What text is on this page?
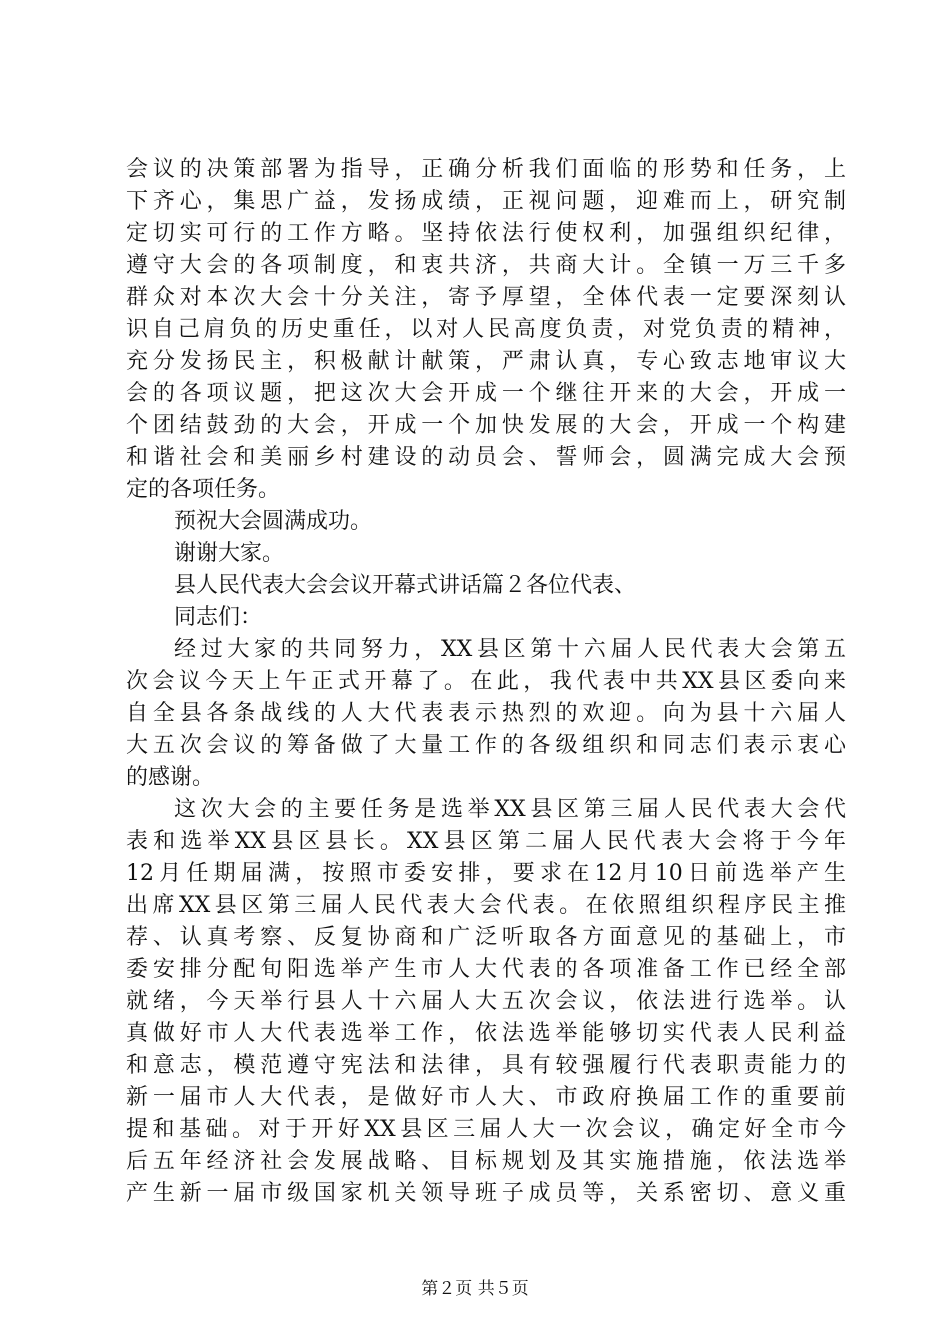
会议的决策部署为指导，正确分析我们面临的形势和任务，上
下齐心，集思广益，发扬成绩，正视问题，迎难而上，研究制
定切实可行的工作方略。坚持依法行使权利，加强组织纪律，
遵守大会的各项制度，和衷共济，共商大计。全镇一万三千多
群众对本次大会十分关注，寄予厚望，全体代表一定要深刻认
识自己肩负的历史重任，以对人民高度负责，对党负责的精神，
充分发扬民主，积极献计献策，严肃认真，专心致志地审议大
会的各项议题，把这次大会开成一个继往开来的大会，开成一
个团结鼓劲的大会，开成一个加快发展的大会，开成一个构建
和谐社会和美丽乡村建设的动员会、誓师会，圆满完成大会预
定的各项任务。
预祝大会圆满成功。
谢谢大家。
县人民代表大会会议开幕式讲话篇２各位代表、
同志们：
经过大家的共同努力，XX县区第十六届人民代表大会第五
次会议今天上午正式开幕了。在此，我代表中共XX县区委向来
自全县各条战线的人大代表表示热烈的欢迎。向为县十六届人
大五次会议的筹备做了大量工作的各级组织和同志们表示衷心
的感谢。
这次大会的主要任务是选举XX县区第三届人民代表大会代
表和选举XX县区县长。XX县区第二届人民代表大会将于今年
12月任期届满，按照市委安排，要求在12月10日前选举产生
出席XX县区第三届人民代表大会代表。在依照组织程序民主推
荐、认真考察、反复协商和广泛听取各方面意见的基础上，市
委安排分配旬阳选举产生市人大代表的各项准备工作已经全部
就绪，今天举行县人十六届人大五次会议，依法进行选举。认
真做好市人大代表选举工作，依法选举能够切实代表人民利益
和意志，模范遵守宪法和法律，具有较强履行代表职责能力的
新一届市人大代表，是做好市人大、市政府换届工作的重要前
提和基础。对于开好XX县区三届人大一次会议，确定好全市今
后五年经济社会发展战略、目标规划及其实施措施，依法选举
产生新一届市级国家机关领导班子成员等，关系密切、意义重
第２页 共５页
